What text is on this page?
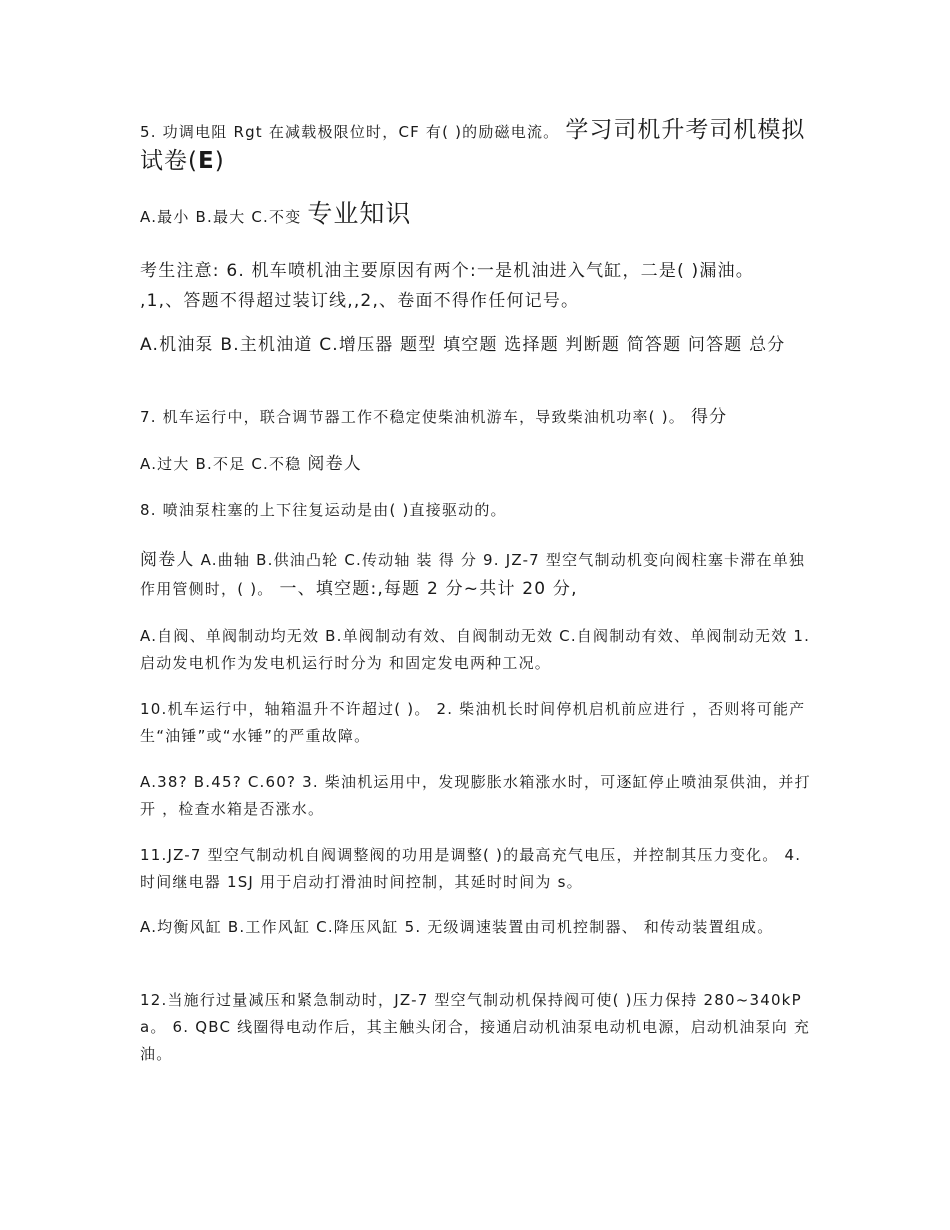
5. 功调电阻 Rgt 在减载极限位时，CF 有( )的励磁电流。 学习司机升考司机模拟试卷(E)
A.最小 B.最大 C.不变 专业知识
考生注意: 6. 机车喷机油主要原因有两个:一是机油进入气缸，二是( )漏油。
,1,、答题不得超过装订线,,2,、卷面不得作任何记号。
A.机油泵 B.主机油道 C.增压器 题型 填空题 选择题 判断题 简答题 问答题 总分
7. 机车运行中，联合调节器工作不稳定使柴油机游车，导致柴油机功率( )。 得分
A.过大 B.不足 C.不稳 阅卷人
8. 喷油泵柱塞的上下往复运动是由( )直接驱动的。
阅卷人 A.曲轴 B.供油凸轮 C.传动轴 装 得 分 9. JZ-7 型空气制动机变向阀柱塞卡滞在单独作用管侧时，( )。 一、填空题:,每题 2 分~共计 20 分,
A.自阀、单阀制动均无效 B.单阀制动有效、自阀制动无效 C.自阀制动有效、单阀制动无效 1. 启动发电机作为发电机运行时分为 和固定发电两种工况。
10.机车运行中，轴箱温升不许超过( )。 2. 柴油机长时间停机启机前应进行 ，否则将可能产生“油锤”或“水锤”的严重故障。
A.38? B.45? C.60? 3. 柴油机运用中，发现膨胀水箱涨水时，可逐缸停止喷油泵供油，并打开 ，检查水箱是否涨水。
11.JZ-7 型空气制动机自阀调整阀的功用是调整( )的最高充气电压，并控制其压力变化。 4. 时间继电器 1SJ 用于启动打滑油时间控制，其延时时间为 s。
A.均衡风缸 B.工作风缸 C.降压风缸 5. 无级调速装置由司机控制器、 和传动装置组成。
12.当施行过量减压和紧急制动时，JZ-7 型空气制动机保持阀可使( )压力保持 280~340kPa。 6. QBC 线圈得电动作后，其主触头闭合，接通启动机油泵电动机电源，启动机油泵向 充油。
